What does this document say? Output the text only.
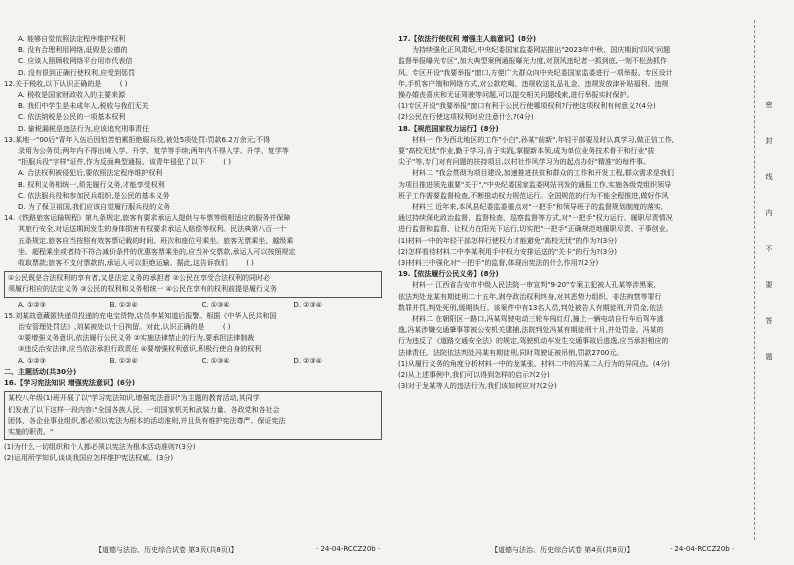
A. 能够自觉依照法定程序维护权利
B. 没有合理利用网络,诋毁是公德的
C. 应该人照顾收网络平台用市代表信
D. 没有很到正确行使权利,应受到惩罚
12.关于税收,以下认识正确的是	( )
A. 税收是国家财政收入的主要来源
B. 我们中学生是未成年人,税收与我们无关
C. 依法纳税是公民的一项基本权利
D. 偷税漏税是违法行为,应该追究刑事责任
13.某地一"00后"青年入伍后因怕苦怕累拒绝服兵役,被处5项处罚:罚款6.2万余元;不得
录用为公务员;两年内不得出境入学、升学、复学等手续;两年内不得入学、升学、复学等
"拒服兵役"字样"证件,作为反面典型通报。该青年侵犯了以下	( )
A. 合法权利被侵犯后,要依照法定程序维护权利
B. 权利义务相统一,须先履行义务,才能享受权利
C. 依法服兵役和参加民兵组织,是公民的基本义务
D. 为了保卫祖国,我们应该自觉履行服兵役的义务
14.《铁路旅客运输规程》第九条规定,旅客有要求承运人提供与车票等级相适应的服务并保障
其旅行安全,对运送期间发生的身体损害有权要求承运人赔偿等权利。民法典第八百一十
五条规定,旅客应当按照有效客票记载的时间、班次和座位号乘坐。旅客无票乘坐、越级乘
坐、超程乘坐或者持不符合减价条件的优惠客票乘坐的,应当补交票款,承运人可以按照规定
收取票款;旅客不支付票款的,承运人可以拒绝运输。据此,这告诉我们	( )
①公民既是合法权利的享有者,又是法定义务的承担者 ②公民在享受合法权利的同时必
须履行相应的法定义务 ③公民的权利和义务相统一 ④公民在享有的权利前提是履行义务
A. ①②③	B. ①②④	C. ①③④	D. ②③④
15.刘某故意藏匿快递员投递的充电宝货物,店员李某知道后报警。根据《中华人民共和国
治安管理处罚法》,刘某被处以十日拘留。对此,认识正确的是	( )
①要增强义务意识,依法履行公民义务 ②实施法律禁止的行为,要承担法律制裁
③违反治安法律,应当依法承担行政责任 ④要增强权利意识,积极行使自身的权利
A. ①②③	B. ①②④	C. ①③④	D. ②③④
二、主题活动(共30分)
16.【学习宪法知识 增强宪法意识】(6分)
某校八年级(1)班开展了以"学习宪法知识,增强宪法意识"为主题的教育活动,其同学
们发表了以下这样一段内容:"全国各族人民、一切国家机关和武装力量、各政党和各社会
团体、各企业事业组织,都必须以宪法为根本的活动准则,并且负有维护宪法尊严、保证宪法
实施的职责。"
(1)为什么一切组织和个人都必须以宪法为根本活动准则?(3分)
(2)运用所学知识,谈谈我国应怎样维护宪法权威。(3分)
17.【依法行使权利 增强主人翁意识】(8分)
为持续强化正风肃纪,中央纪委国家监委网站推出"2023年中秋、国庆期间'四风'问题
监督举报曝光专区",加大典型案例通报曝光力度,对顶风违纪者一抓到底,一刻不松劲抓作
风。专区开设"我要举报"窗口,方便广大群众向中央纪委国家监委进行一项举报。专区设计
年,手机客户端和网络方式,对公款吃喝、违规收送礼品礼金、违规发放津补贴福利、违规
操办婚丧喜庆和无证驾驶等问题,可以提交相关问题线索,进行举报实时保护。
(1)专区开设"我要举报"窗口有利于公民行使哪项权利?行使这项权利有何意义?(4分)
(2)公民在行使这项权利时应注意什么?(4分)
18.【规范国家权力运行】(8分)
材料一 作为西北地区的工作"小白",孙某"前新",年轻干部要及时认真学习,做正信工作,
要"高校无忧"作业,勤于学习,肯于实践,掌握新本领,成为单位业务技术骨干和行业"拔
尖子"等,专门对有问题的扶持项目,以村社作风学习为的起点办好"精准"的每件事。
材料二 "我会贯彻为项目建设,加速推进扶贫和群众的工作和开发工程,群众需求是我们
为项目推进领先重要"关于","中央纪委国家监委网站刊发的通报工作,实施各级党组织领导
班子工作需要监督检查,不断推动权力规范运行。全国规范的行为不能全程推进,做好作风
材料三 近年来,本风县纪委监委重点对"一把手"和领导班子的监督规划制度的落实,
通过持续深化政治监督、监督检查、巡察监督等方式,对"一把手"权力运行、履职尽责情况
进行监督和监督、让权力在阳光下运行,切实把"一把手"正确规范地履职尽责、干事创业。
(1)材料一中的年轻干部怎样行使权力才能避免"高校无忧"的作为?(3分)
(2)怎样看待材料二中李某利用手中权力安排运送的"关卡"的行为?(3分)
(3)材料三中强化对"一把手"的监督,体现出宪法的什么作用?(2分)
19.【依法履行公民义务】(8分)
材料一 江西省吉安市中级人民法院一审宣判"9·20"专案主犯被人孔某等涉黑案,
依法判处龙某有期徒刑二十五年,剥夺政治权利终身,对其恶势力组织、非法拘禁等罪行
数罪并罚,判处死刑,缓期执行。该案件中有13名人员,判处被告人有期徒刑,并罚金,依法
材料二 在朝阳区一路口,冯某驾驶电动三轮车闯红灯,撞上一辆电动自行车后驾车逃
逸,冯某涉嫌交通肇事罪被公安机关逮捕,法院判处冯某有期徒刑十月,并处罚金。冯某的
行为违反了《道路交通安全法》的规定,驾驶机动车发生交通事故后逃逸,应当承担相应的
法律责任。法院依法判处冯某有期徒刑,同时驾驶证被吊销,罚款2700元。
(1)从履行义务的角度分析材料一中的龙某张、材料二中的冯某二人行为的异同点。(4分)
(2)从上述事例中,我们可以得到怎样的启示?(2分)
(3)对于龙某等人的违法行为,我们该如何应对?(2分)
【道德与法治、历史综合试卷 第3页(共8页)】	· 24-04-RCCZ20b ·	【道德与法治、历史综合试卷 第4页(共8页)】	· 24-04-RCCZ20b ·
密
封
线
内
不
要
答
题
